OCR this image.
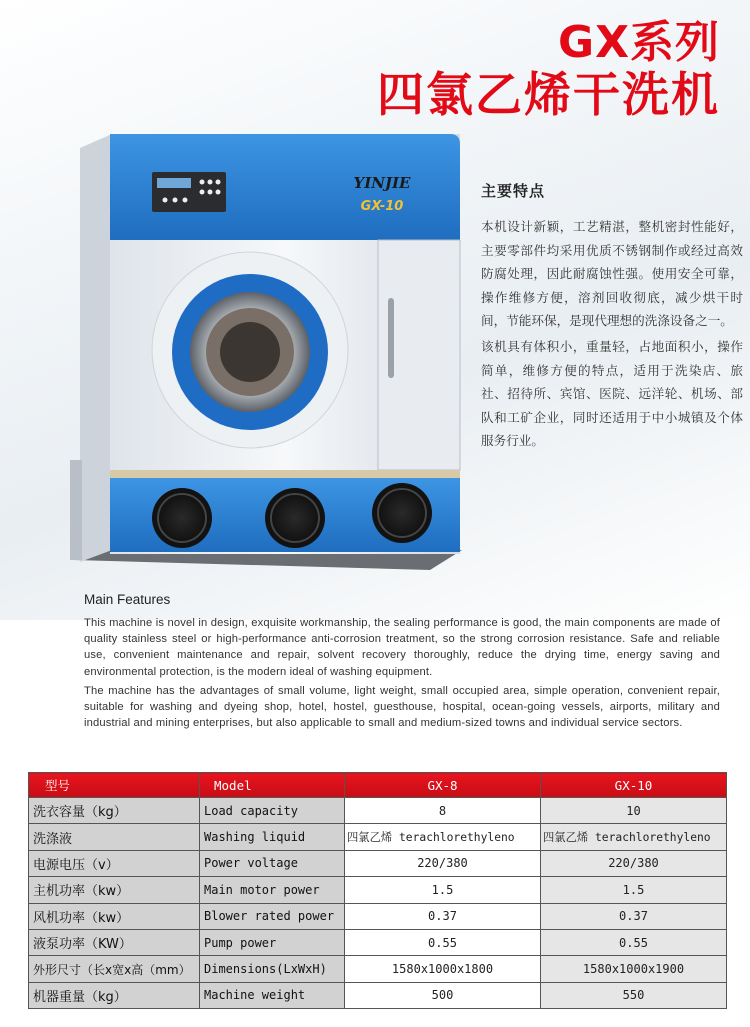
GX系列
四氯乙烯干洗机
YINJIE
GX-10
主要特点

本机设计新颖，工艺精湛，整机密封性能好，主要零部件均采用优质不锈钢制作或经过高效防腐处理，因此耐腐蚀性强。使用安全可靠，操作维修方便，溶剂回收彻底，减少烘干时间，节能环保，是现代理想的洗涤设备之一。

该机具有体积小，重量轻，占地面积小，操作简单，维修方便的特点，适用于洗染店、旅社、招待所、宾馆、医院、远洋轮、机场、部队和工矿企业，同时还适用于中小城镇及个体服务行业。

Main Features

This machine is novel in design, exquisite workmanship, the sealing performance is good, the main components are made of quality stainless steel or high-performance anti-corrosion treatment, so the strong corrosion resistance. Safe and reliable use, convenient maintenance and repair, solvent recovery thoroughly, reduce the drying time, energy saving and environmental protection, is the modern ideal of washing equipment.

The machine has the advantages of small volume, light weight, small occupied area, simple operation, convenient repair, suitable for washing and dyeing shop, hotel, hostel, guesthouse, hospital, ocean-going vessels, airports, military and industrial and mining enterprises, but also applicable to small and medium-sized towns and individual service sectors.

型号	Model	GX-8	GX-10
洗衣容量（kg）	Load capacity	8	10
洗涤液	Washing liquid	四氯乙烯 terachlorethyleno	四氯乙烯 terachlorethyleno
电源电压（v）	Power voltage	220/380	220/380
主机功率（kw）	Main motor power	1.5	1.5
风机功率（kw）	Blower rated power	0.37	0.37
液泵功率（KW）	Pump power	0.55	0.55
外形尺寸（长x宽x高（mm）	Dimensions(LxWxH)	1580x1000x1800	1580x1000x1900
机器重量（kg）	Machine weight	500	550
